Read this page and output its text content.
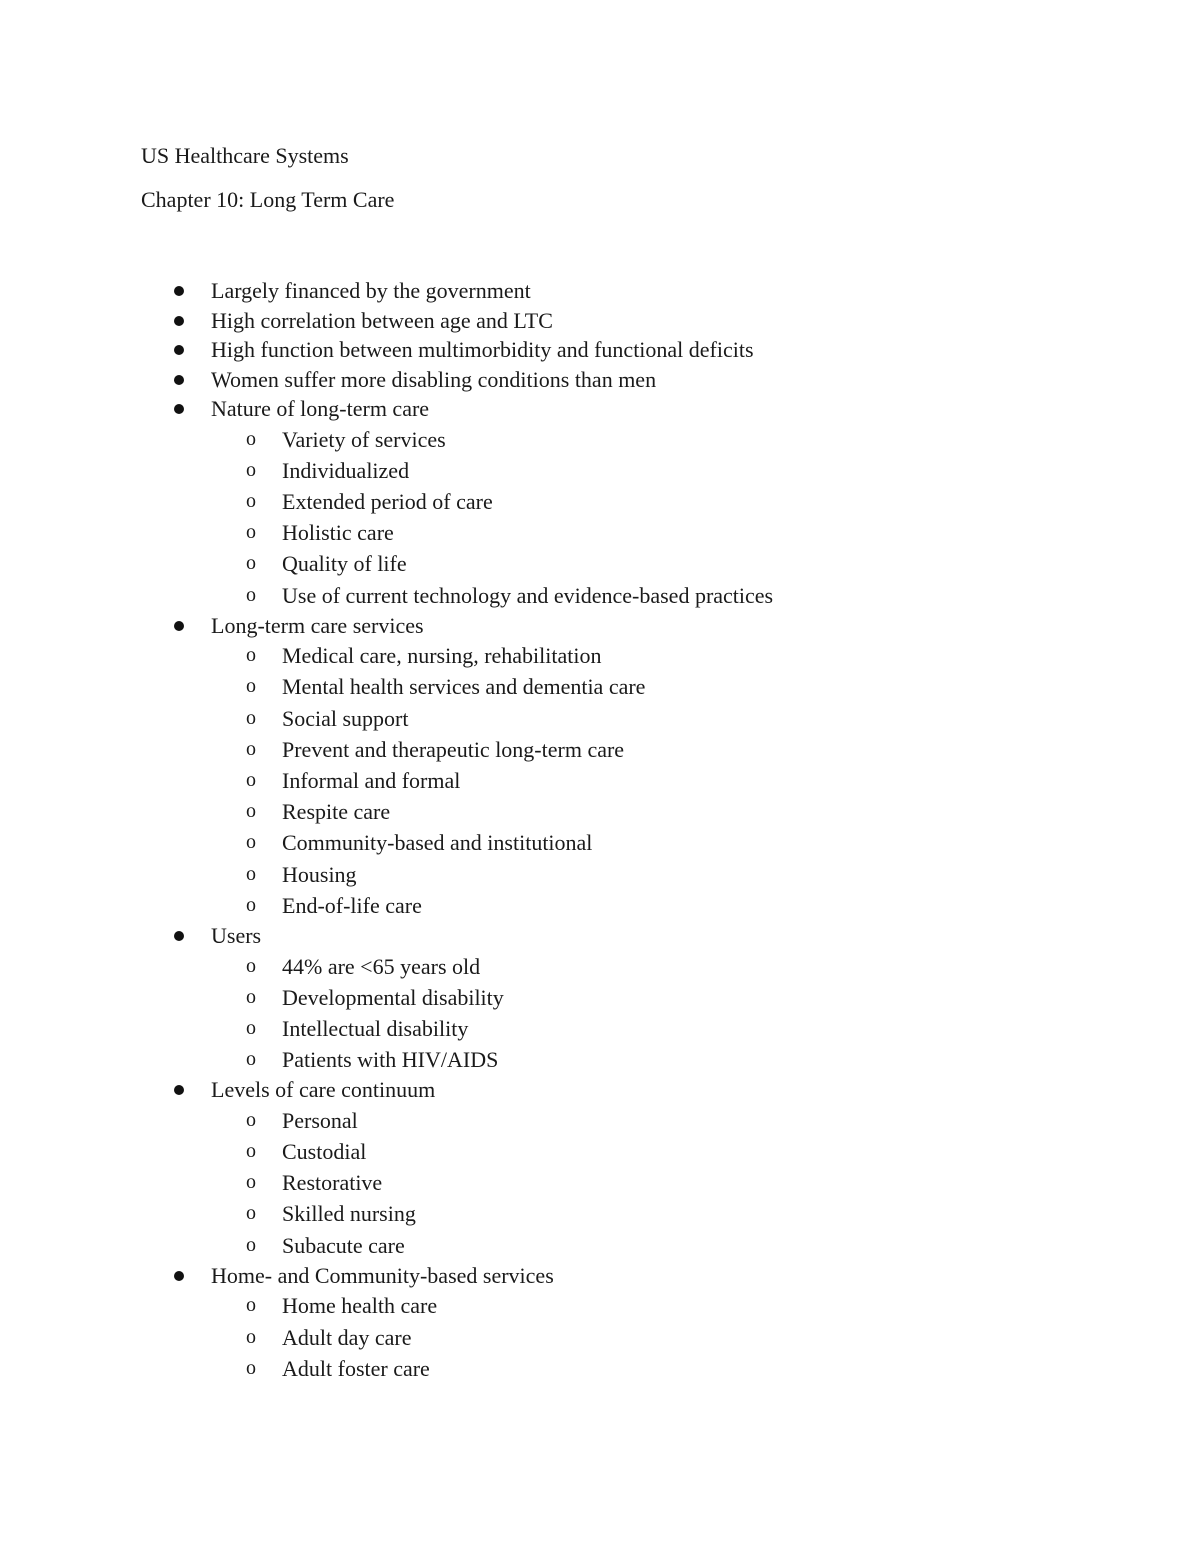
US Healthcare Systems
Chapter 10: Long Term Care
Largely financed by the government
High correlation between age and LTC
High function between multimorbidity and functional deficits
Women suffer more disabling conditions than men
Nature of long-term care
o	Variety of services
o	Individualized
o	Extended period of care
o	Holistic care
o	Quality of life
o	Use of current technology and evidence-based practices
Long-term care services
o	Medical care, nursing, rehabilitation
o	Mental health services and dementia care
o	Social support
o	Prevent and therapeutic long-term care
o	Informal and formal
o	Respite care
o	Community-based and institutional
o	Housing
o	End-of-life care
Users
o	44% are <65 years old
o	Developmental disability
o	Intellectual disability
o	Patients with HIV/AIDS
Levels of care continuum
o	Personal
o	Custodial
o	Restorative
o	Skilled nursing
o	Subacute care
Home- and Community-based services
o	Home health care
o	Adult day care
o	Adult foster care
